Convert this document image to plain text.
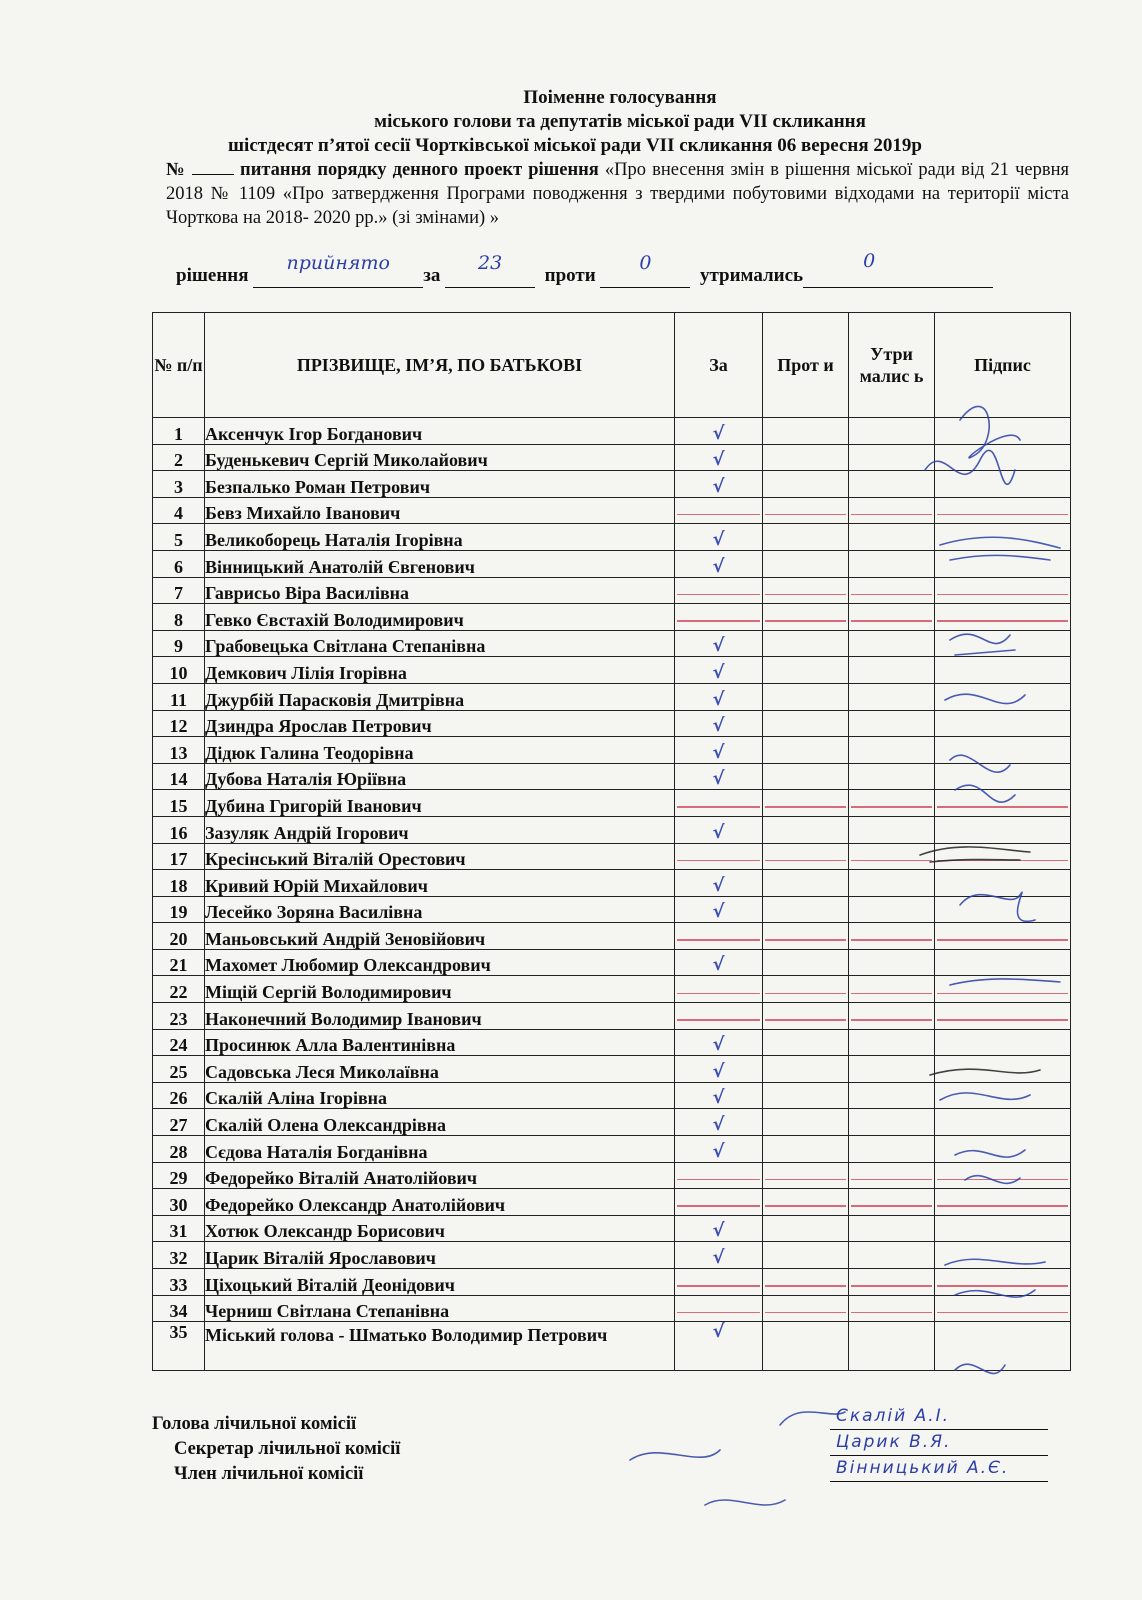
Поіменне голосування
міського голови та депутатів міської ради VII скликання
шістдесят п’ятої сесії Чортківської міської ради VII скликання 06 вересня 2019р
№	питання порядку денного проект рішення «Про внесення змін в рішення міської ради від 21 червня 2018 № 1109 «Про затвердження Програми поводження з твердими побутовими відходами на території міста Чорткова на 2018- 2020 рр.» (зі змінами) »
рішення
прийнято
за
23
проти
0
утримались
0
№ п/п	ПРІЗВИЩЕ, ІМ’Я, ПО БАТЬКОВІ	За	Прот и	Утри малис ь	Підпис
1	Аксенчук Ігор Богданович	√			
2	Буденькевич Сергій Миколайович	√			
3	Безпалько Роман Петрович	√			
4	Бевз Михайло Іванович	

5	Великоборець Наталія Ігорівна	√			
6	Вінницький Анатолій Євгенович	√			
7	Гаврисьо Віра Василівна	

8	Гевко Євстахій Володимирович	

9	Грабовецька Світлана Степанівна	√			
10	Демкович Лілія Ігорівна	√			
11	Джурбій Парасковія Дмитрівна	√			
12	Дзиндра Ярослав Петрович	√			
13	Дідюк Галина Теодорівна	√			
14	Дубова Наталія Юріївна	√			
15	Дубина Григорій Іванович	

16	Зазуляк Андрій Ігорович	√			
17	Кресінський Віталій Орестович	

18	Кривий Юрій Михайлович	√			
19	Лесейко Зоряна Василівна	√			
20	Маньовський Андрій Зеновійович	

21	Махомет Любомир Олександрович	√			
22	Міщій Сергій Володимирович	

23	Наконечний Володимир Іванович	

24	Просинюк Алла Валентинівна	√			
25	Садовська Леся Миколаївна	√			
26	Скалій Аліна Ігорівна	√			
27	Скалій Олена Олександрівна	√			
28	Сєдова Наталія Богданівна	√			
29	Федорейко Віталій Анатолійович	

30	Федорейко Олександр Анатолійович	

31	Хотюк Олександр Борисович	√			
32	Царик Віталій Ярославович	√			
33	Ціхоцький Віталій Деонідович	

34	Черниш Світлана Степанівна	

35	Міський голова - Шматько Володимир Петрович	√			
Голова лічильної комісії
Секретар лічильної комісії
Член лічильної комісії
Скалій А.І.
Царик В.Я.
Вінницький А.Є.
